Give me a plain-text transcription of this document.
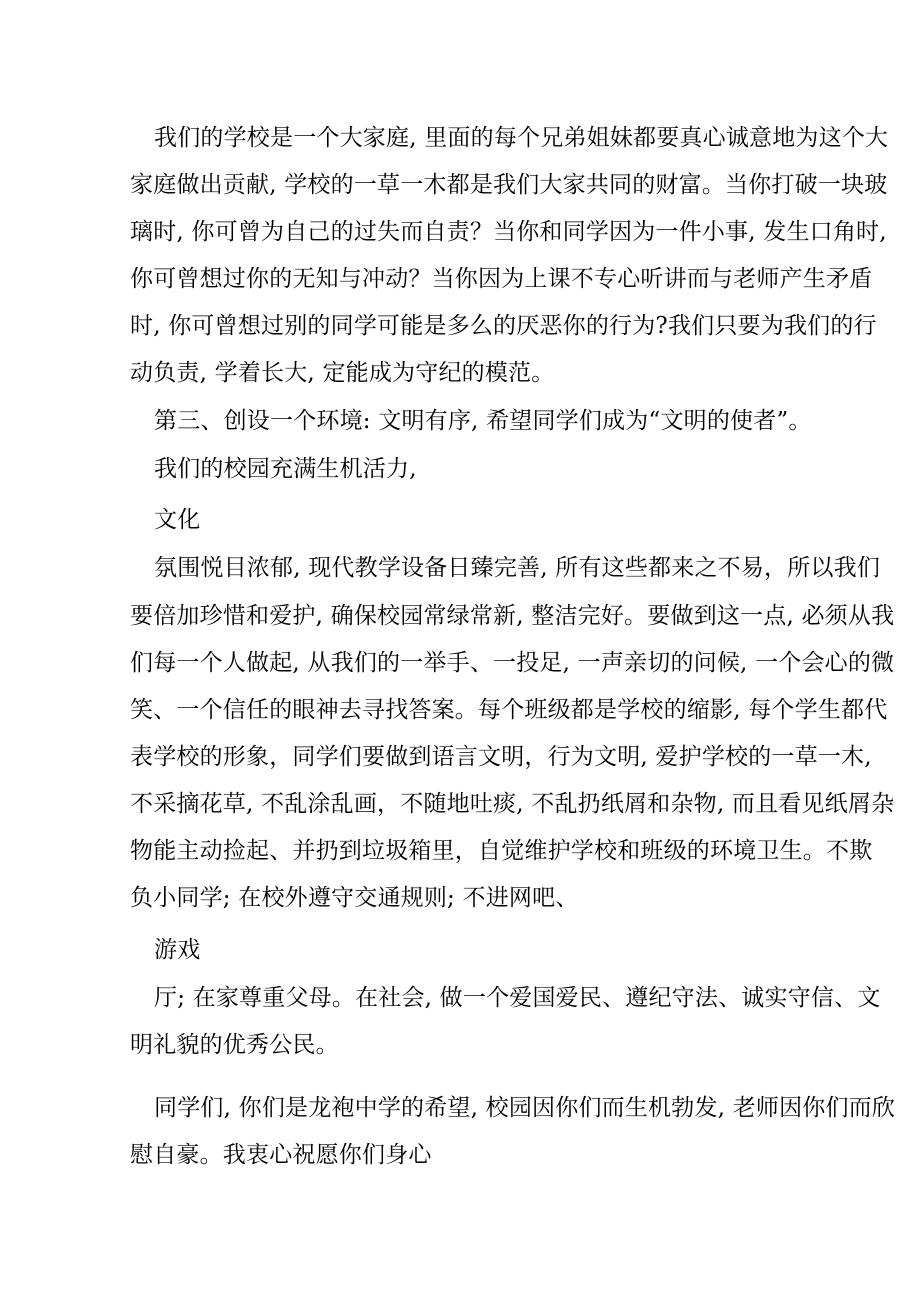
我们的学校是一个大家庭, 里面的每个兄弟姐妹都要真心诚意地为这个大
家庭做出贡献, 学校的一草一木都是我们大家共同的财富。当你打破一块玻
璃时, 你可曾为自己的过失而自责？当你和同学因为一件小事, 发生口角时,
你可曾想过你的无知与冲动？当你因为上课不专心听讲而与老师产生矛盾
时, 你可曾想过别的同学可能是多么的厌恶你的行为?我们只要为我们的行
动负责, 学着长大, 定能成为守纪的模范。
第三、创设一个环境: 文明有序, 希望同学们成为“文明的使者”。
我们的校园充满生机活力,
文化
氛围悦目浓郁, 现代教学设备日臻完善, 所有这些都来之不易，所以我们
要倍加珍惜和爱护, 确保校园常绿常新, 整洁完好。要做到这一点, 必须从我
们每一个人做起, 从我们的一举手、一投足, 一声亲切的问候, 一个会心的微
笑、一个信任的眼神去寻找答案。每个班级都是学校的缩影, 每个学生都代
表学校的形象，同学们要做到语言文明，行为文明, 爱护学校的一草一木,
不采摘花草, 不乱涂乱画，不随地吐痰, 不乱扔纸屑和杂物, 而且看见纸屑杂
物能主动捡起、并扔到垃圾箱里，自觉维护学校和班级的环境卫生。不欺
负小同学; 在校外遵守交通规则; 不进网吧、
游戏
厅; 在家尊重父母。在社会, 做一个爱国爱民、遵纪守法、诚实守信、文
明礼貌的优秀公民。
同学们, 你们是龙袍中学的希望, 校园因你们而生机勃发, 老师因你们而欣
慰自豪。我衷心祝愿你们身心
